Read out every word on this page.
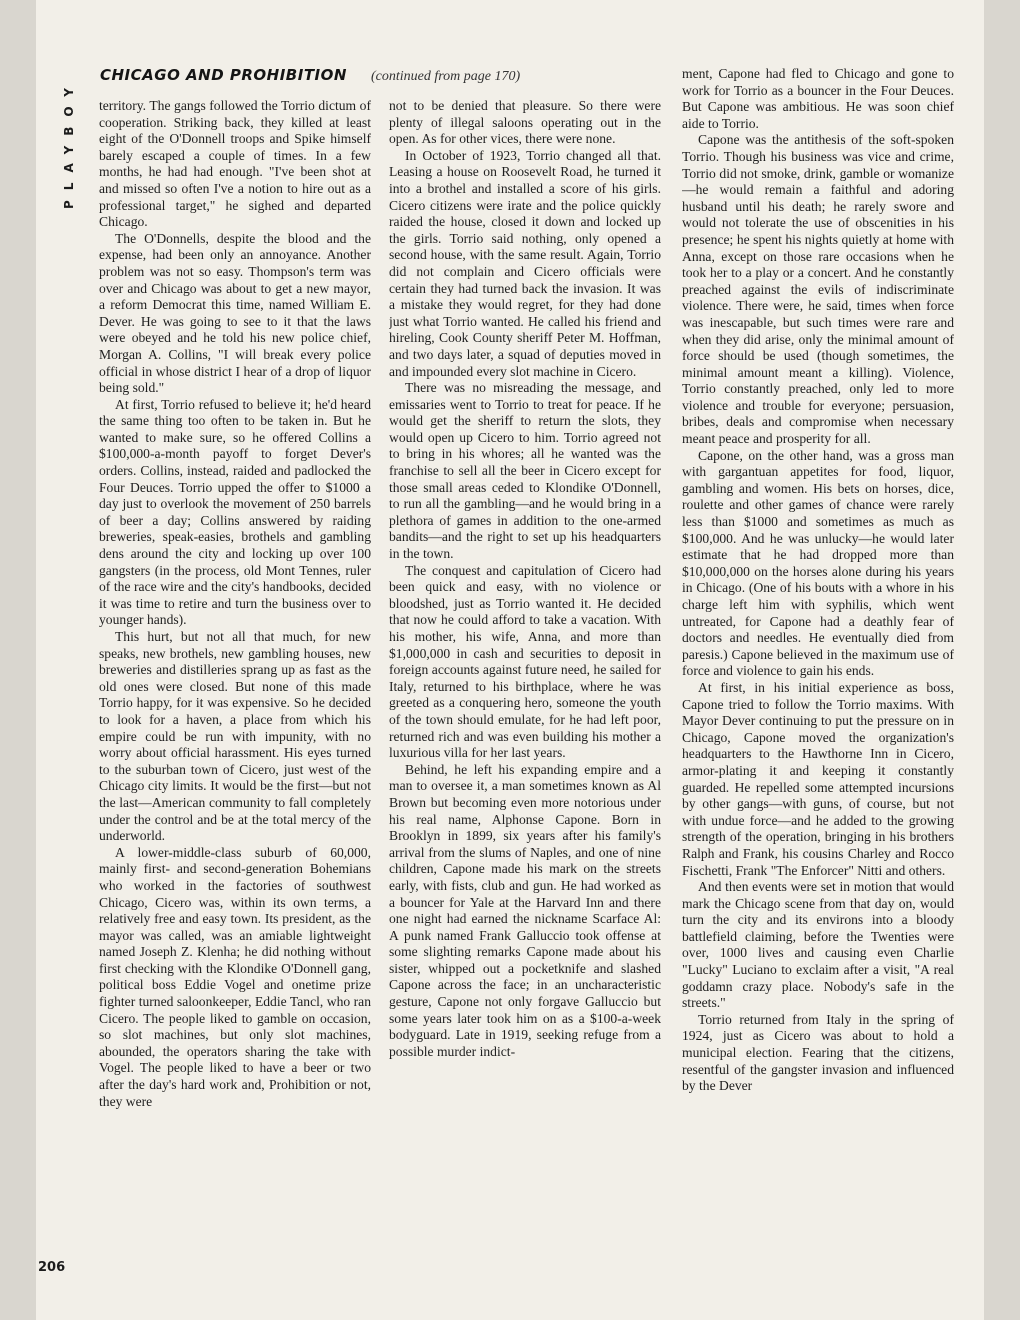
PLAYBOY
CHICAGO AND PROHIBITION (continued from page 170)

territory. The gangs followed the Torrio dictum of cooperation. Striking back, they killed at least eight of the O'Donnell troops and Spike himself barely escaped a couple of times. In a few months, he had had enough. "I've been shot at and missed so often I've a notion to hire out as a professional target," he sighed and departed Chicago.

The O'Donnells, despite the blood and the expense, had been only an annoyance. Another problem was not so easy. Thompson's term was over and Chicago was about to get a new mayor, a reform Democrat this time, named William E. Dever. He was going to see to it that the laws were obeyed and he told his new police chief, Morgan A. Collins, "I will break every police official in whose district I hear of a drop of liquor being sold."

At first, Torrio refused to believe it; he'd heard the same thing too often to be taken in. But he wanted to make sure, so he offered Collins a $100,000-a-month payoff to forget Dever's orders. Collins, instead, raided and padlocked the Four Deuces. Torrio upped the offer to $1000 a day just to overlook the movement of 250 barrels of beer a day; Collins answered by raiding breweries, speak-easies, brothels and gambling dens around the city and locking up over 100 gangsters (in the process, old Mont Tennes, ruler of the race wire and the city's handbooks, decided it was time to retire and turn the business over to younger hands).

This hurt, but not all that much, for new speaks, new brothels, new gambling houses, new breweries and distilleries sprang up as fast as the old ones were closed. But none of this made Torrio happy, for it was expensive. So he decided to look for a haven, a place from which his empire could be run with impunity, with no worry about official harassment. His eyes turned to the suburban town of Cicero, just west of the Chicago city limits. It would be the first—but not the last—American community to fall completely under the control and be at the total mercy of the underworld.

A lower-middle-class suburb of 60,000, mainly first- and second-generation Bohemians who worked in the factories of southwest Chicago, Cicero was, within its own terms, a relatively free and easy town. Its president, as the mayor was called, was an amiable lightweight named Joseph Z. Klenha; he did nothing without first checking with the Klondike O'Donnell gang, political boss Eddie Vogel and onetime prize fighter turned saloonkeeper, Eddie Tancl, who ran Cicero. The people liked to gamble on occasion, so slot machines, but only slot machines, abounded, the operators sharing the take with Vogel. The people liked to have a beer or two after the day's hard work and, Prohibition or not, they were

not to be denied that pleasure. So there were plenty of illegal saloons operating out in the open. As for other vices, there were none.

In October of 1923, Torrio changed all that. Leasing a house on Roosevelt Road, he turned it into a brothel and installed a score of his girls. Cicero citizens were irate and the police quickly raided the house, closed it down and locked up the girls. Torrio said nothing, only opened a second house, with the same result. Again, Torrio did not complain and Cicero officials were certain they had turned back the invasion. It was a mistake they would regret, for they had done just what Torrio wanted. He called his friend and hireling, Cook County sheriff Peter M. Hoffman, and two days later, a squad of deputies moved in and impounded every slot machine in Cicero.

There was no misreading the message, and emissaries went to Torrio to treat for peace. If he would get the sheriff to return the slots, they would open up Cicero to him. Torrio agreed not to bring in his whores; all he wanted was the franchise to sell all the beer in Cicero except for those small areas ceded to Klondike O'Donnell, to run all the gambling—and he would bring in a plethora of games in addition to the one-armed bandits—and the right to set up his headquarters in the town.

The conquest and capitulation of Cicero had been quick and easy, with no violence or bloodshed, just as Torrio wanted it. He decided that now he could afford to take a vacation. With his mother, his wife, Anna, and more than $1,000,000 in cash and securities to deposit in foreign accounts against future need, he sailed for Italy, returned to his birthplace, where he was greeted as a conquering hero, someone the youth of the town should emulate, for he had left poor, returned rich and was even building his mother a luxurious villa for her last years.

Behind, he left his expanding empire and a man to oversee it, a man sometimes known as Al Brown but becoming even more notorious under his real name, Alphonse Capone. Born in Brooklyn in 1899, six years after his family's arrival from the slums of Naples, and one of nine children, Capone made his mark on the streets early, with fists, club and gun. He had worked as a bouncer for Yale at the Harvard Inn and there one night had earned the nickname Scarface Al: A punk named Frank Galluccio took offense at some slighting remarks Capone made about his sister, whipped out a pocketknife and slashed Capone across the face; in an uncharacteristic gesture, Capone not only forgave Galluccio but some years later took him on as a $100-a-week bodyguard. Late in 1919, seeking refuge from a possible murder indict-

ment, Capone had fled to Chicago and gone to work for Torrio as a bouncer in the Four Deuces. But Capone was ambitious. He was soon chief aide to Torrio.

Capone was the antithesis of the soft-spoken Torrio. Though his business was vice and crime, Torrio did not smoke, drink, gamble or womanize—he would remain a faithful and adoring husband until his death; he rarely swore and would not tolerate the use of obscenities in his presence; he spent his nights quietly at home with Anna, except on those rare occasions when he took her to a play or a concert. And he constantly preached against the evils of indiscriminate violence. There were, he said, times when force was inescapable, but such times were rare and when they did arise, only the minimal amount of force should be used (though sometimes, the minimal amount meant a killing). Violence, Torrio constantly preached, only led to more violence and trouble for everyone; persuasion, bribes, deals and compromise when necessary meant peace and prosperity for all.

Capone, on the other hand, was a gross man with gargantuan appetites for food, liquor, gambling and women. His bets on horses, dice, roulette and other games of chance were rarely less than $1000 and sometimes as much as $100,000. And he was unlucky—he would later estimate that he had dropped more than $10,000,000 on the horses alone during his years in Chicago. (One of his bouts with a whore in his charge left him with syphilis, which went untreated, for Capone had a deathly fear of doctors and needles. He eventually died from paresis.) Capone believed in the maximum use of force and violence to gain his ends.

At first, in his initial experience as boss, Capone tried to follow the Torrio maxims. With Mayor Dever continuing to put the pressure on in Chicago, Capone moved the organization's headquarters to the Hawthorne Inn in Cicero, armor-plating it and keeping it constantly guarded. He repelled some attempted incursions by other gangs—with guns, of course, but not with undue force—and he added to the growing strength of the operation, bringing in his brothers Ralph and Frank, his cousins Charley and Rocco Fischetti, Frank "The Enforcer" Nitti and others.

And then events were set in motion that would mark the Chicago scene from that day on, would turn the city and its environs into a bloody battlefield claiming, before the Twenties were over, 1000 lives and causing even Charlie "Lucky" Luciano to exclaim after a visit, "A real goddamn crazy place. Nobody's safe in the streets."

Torrio returned from Italy in the spring of 1924, just as Cicero was about to hold a municipal election. Fearing that the citizens, resentful of the gangster invasion and influenced by the Dever

206
